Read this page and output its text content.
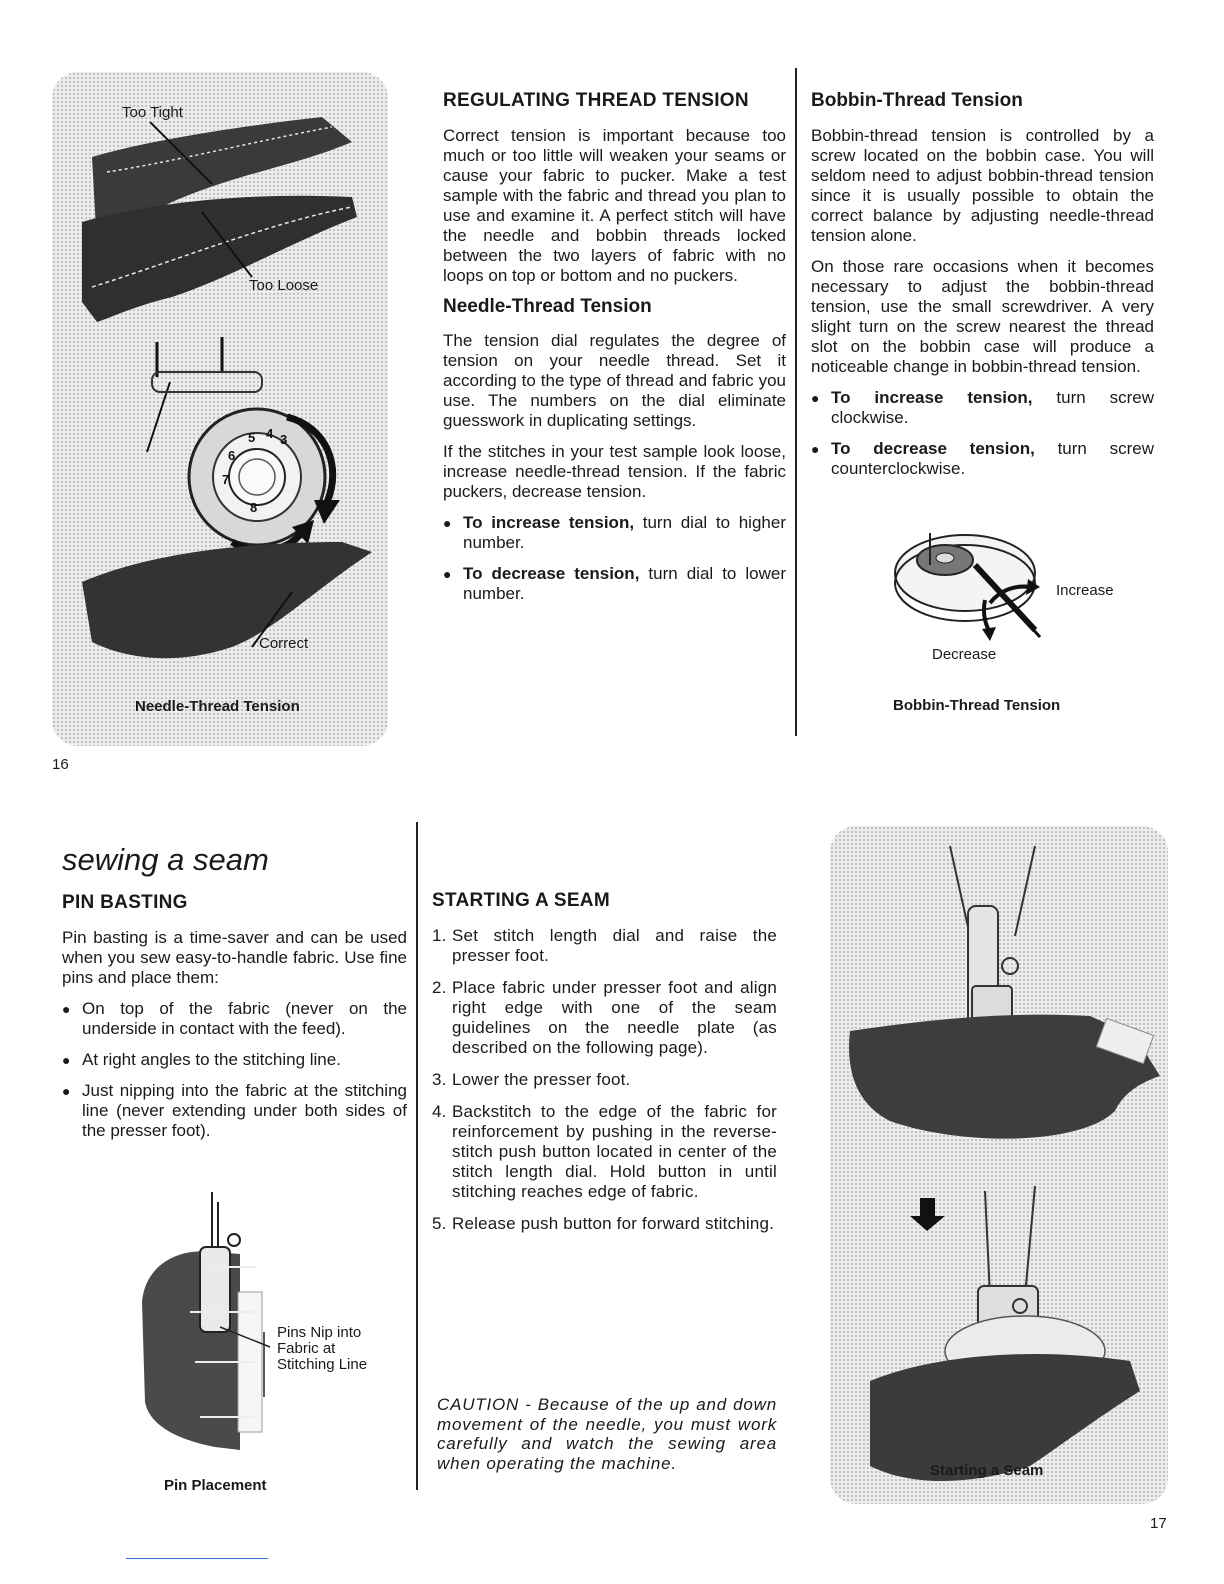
3
4
5
6
7
8
Too Tight
Too Loose
Correct
Needle-Thread Tension
REGULATING THREAD TENSION

Correct tension is important because too much or too little will weaken your seams or cause your fabric to pucker. Make a test sample with the fabric and thread you plan to use and examine it. A perfect stitch will have the needle and bobbin threads locked between the two layers of fabric with no loops on top or bottom and no puckers.

Needle-Thread Tension

The tension dial regulates the degree of tension on your needle thread. Set it according to the type of thread and fabric you use. The numbers on the dial eliminate guesswork in duplicating settings.

If the stitches in your test sample look loose, increase needle-thread tension. If the fabric puckers, decrease tension.

● To increase tension, turn dial to higher number.
● To decrease tension, turn dial to lower number.
Bobbin-Thread Tension

Bobbin-thread tension is controlled by a screw located on the bobbin case. You will seldom need to adjust bobbin-thread tension since it is usually possible to obtain the correct balance by adjusting needle-thread tension alone.

On those rare occasions when it becomes necessary to adjust the bobbin-thread tension, use the small screwdriver. A very slight turn on the screw nearest the thread slot on the bobbin case will produce a noticeable change in bobbin-thread tension.

● To increase tension, turn screw clockwise.
● To decrease tension, turn screw counterclockwise.
Increase
Decrease
Bobbin-Thread Tension
16
sewing a seam
PIN BASTING

Pin basting is a time-saver and can be used when you sew easy-to-handle fabric. Use fine pins and place them:

● On top of the fabric (never on the underside in contact with the feed).
● At right angles to the stitching line.
● Just nipping into the fabric at the stitching line (never extending under both sides of the presser foot).
Pins Nip into Fabric at Stitching Line
Pin Placement
STARTING A SEAM
1. Set stitch length dial and raise the presser foot.
2. Place fabric under presser foot and align right edge with one of the seam guidelines on the needle plate (as described on the following page).
3. Lower the presser foot.
4. Backstitch to the edge of the fabric for reinforcement by pushing in the reverse-stitch push button located in center of the stitch length dial. Hold button in until stitching reaches edge of fabric.
5. Release push button for forward stitching.
CAUTION - Because of the up and down movement of the needle, you must work carefully and watch the sewing area when operating the machine.	Starting a Seam
17
